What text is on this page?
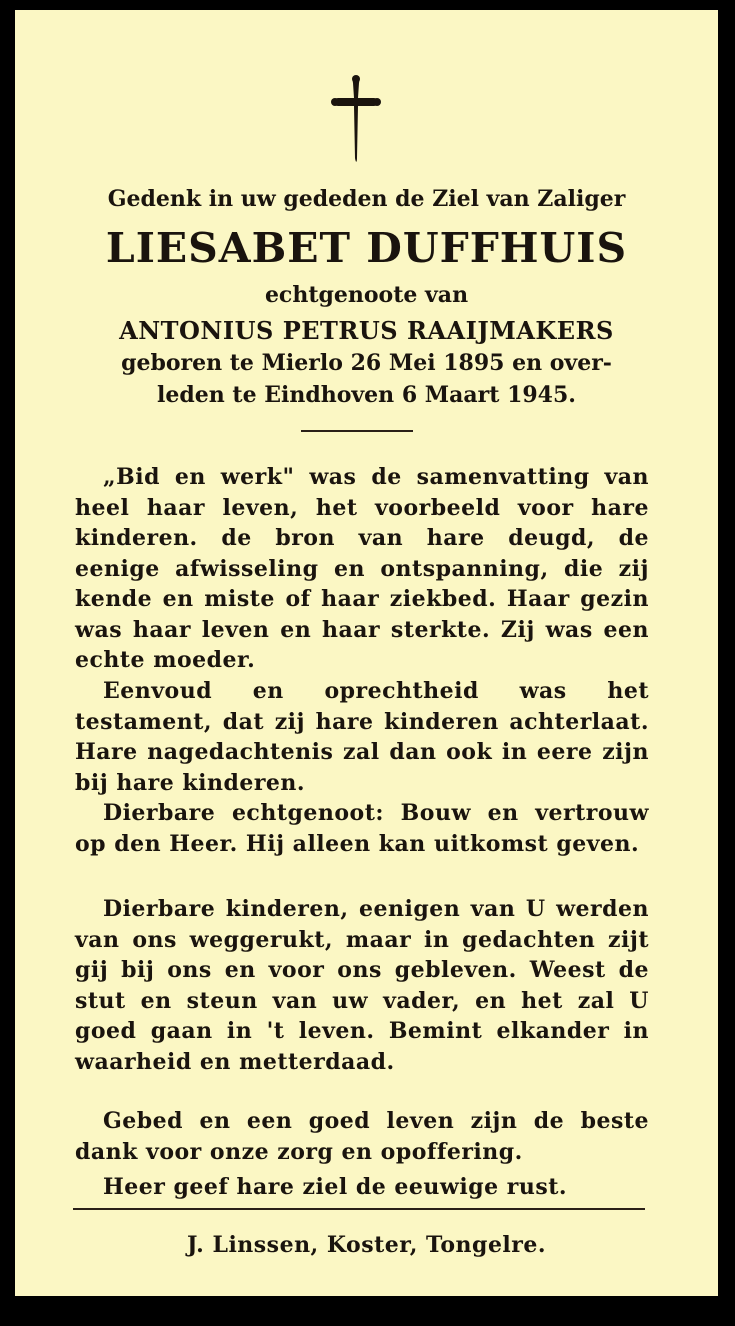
Gedenk in uw gededen de Ziel van Zaliger
LIESABET DUFFHUIS
echtgenoote van
ANTONIUS PETRUS RAAIJMAKERS
geboren te Mierlo 26 Mei 1895 en over-
leden te Eindhoven 6 Maart 1945.

„Bid en werk" was de samenvatting van heel haar leven, het voorbeeld voor hare kinderen. de bron van hare deugd, de eenige afwisseling en ontspanning, die zij kende en miste of haar ziekbed. Haar gezin was haar leven en haar sterkte. Zij was een echte moeder.

Eenvoud en oprechtheid was het testament, dat zij hare kinderen achterlaat. Hare nagedachtenis zal dan ook in eere zijn bij hare kinderen.

Dierbare echtgenoot: Bouw en vertrouw op den Heer. Hij alleen kan uitkomst geven.

Dierbare kinderen, eenigen van U werden van ons weggerukt, maar in gedachten zijt gij bij ons en voor ons gebleven. Weest de stut en steun van uw vader, en het zal U goed gaan in 't leven. Bemint elkander in waarheid en metterdaad.

Gebed en een goed leven zijn de beste dank voor onze zorg en opoffering.

Heer geef hare ziel de eeuwige rust.

J. Linssen, Koster, Tongelre.
